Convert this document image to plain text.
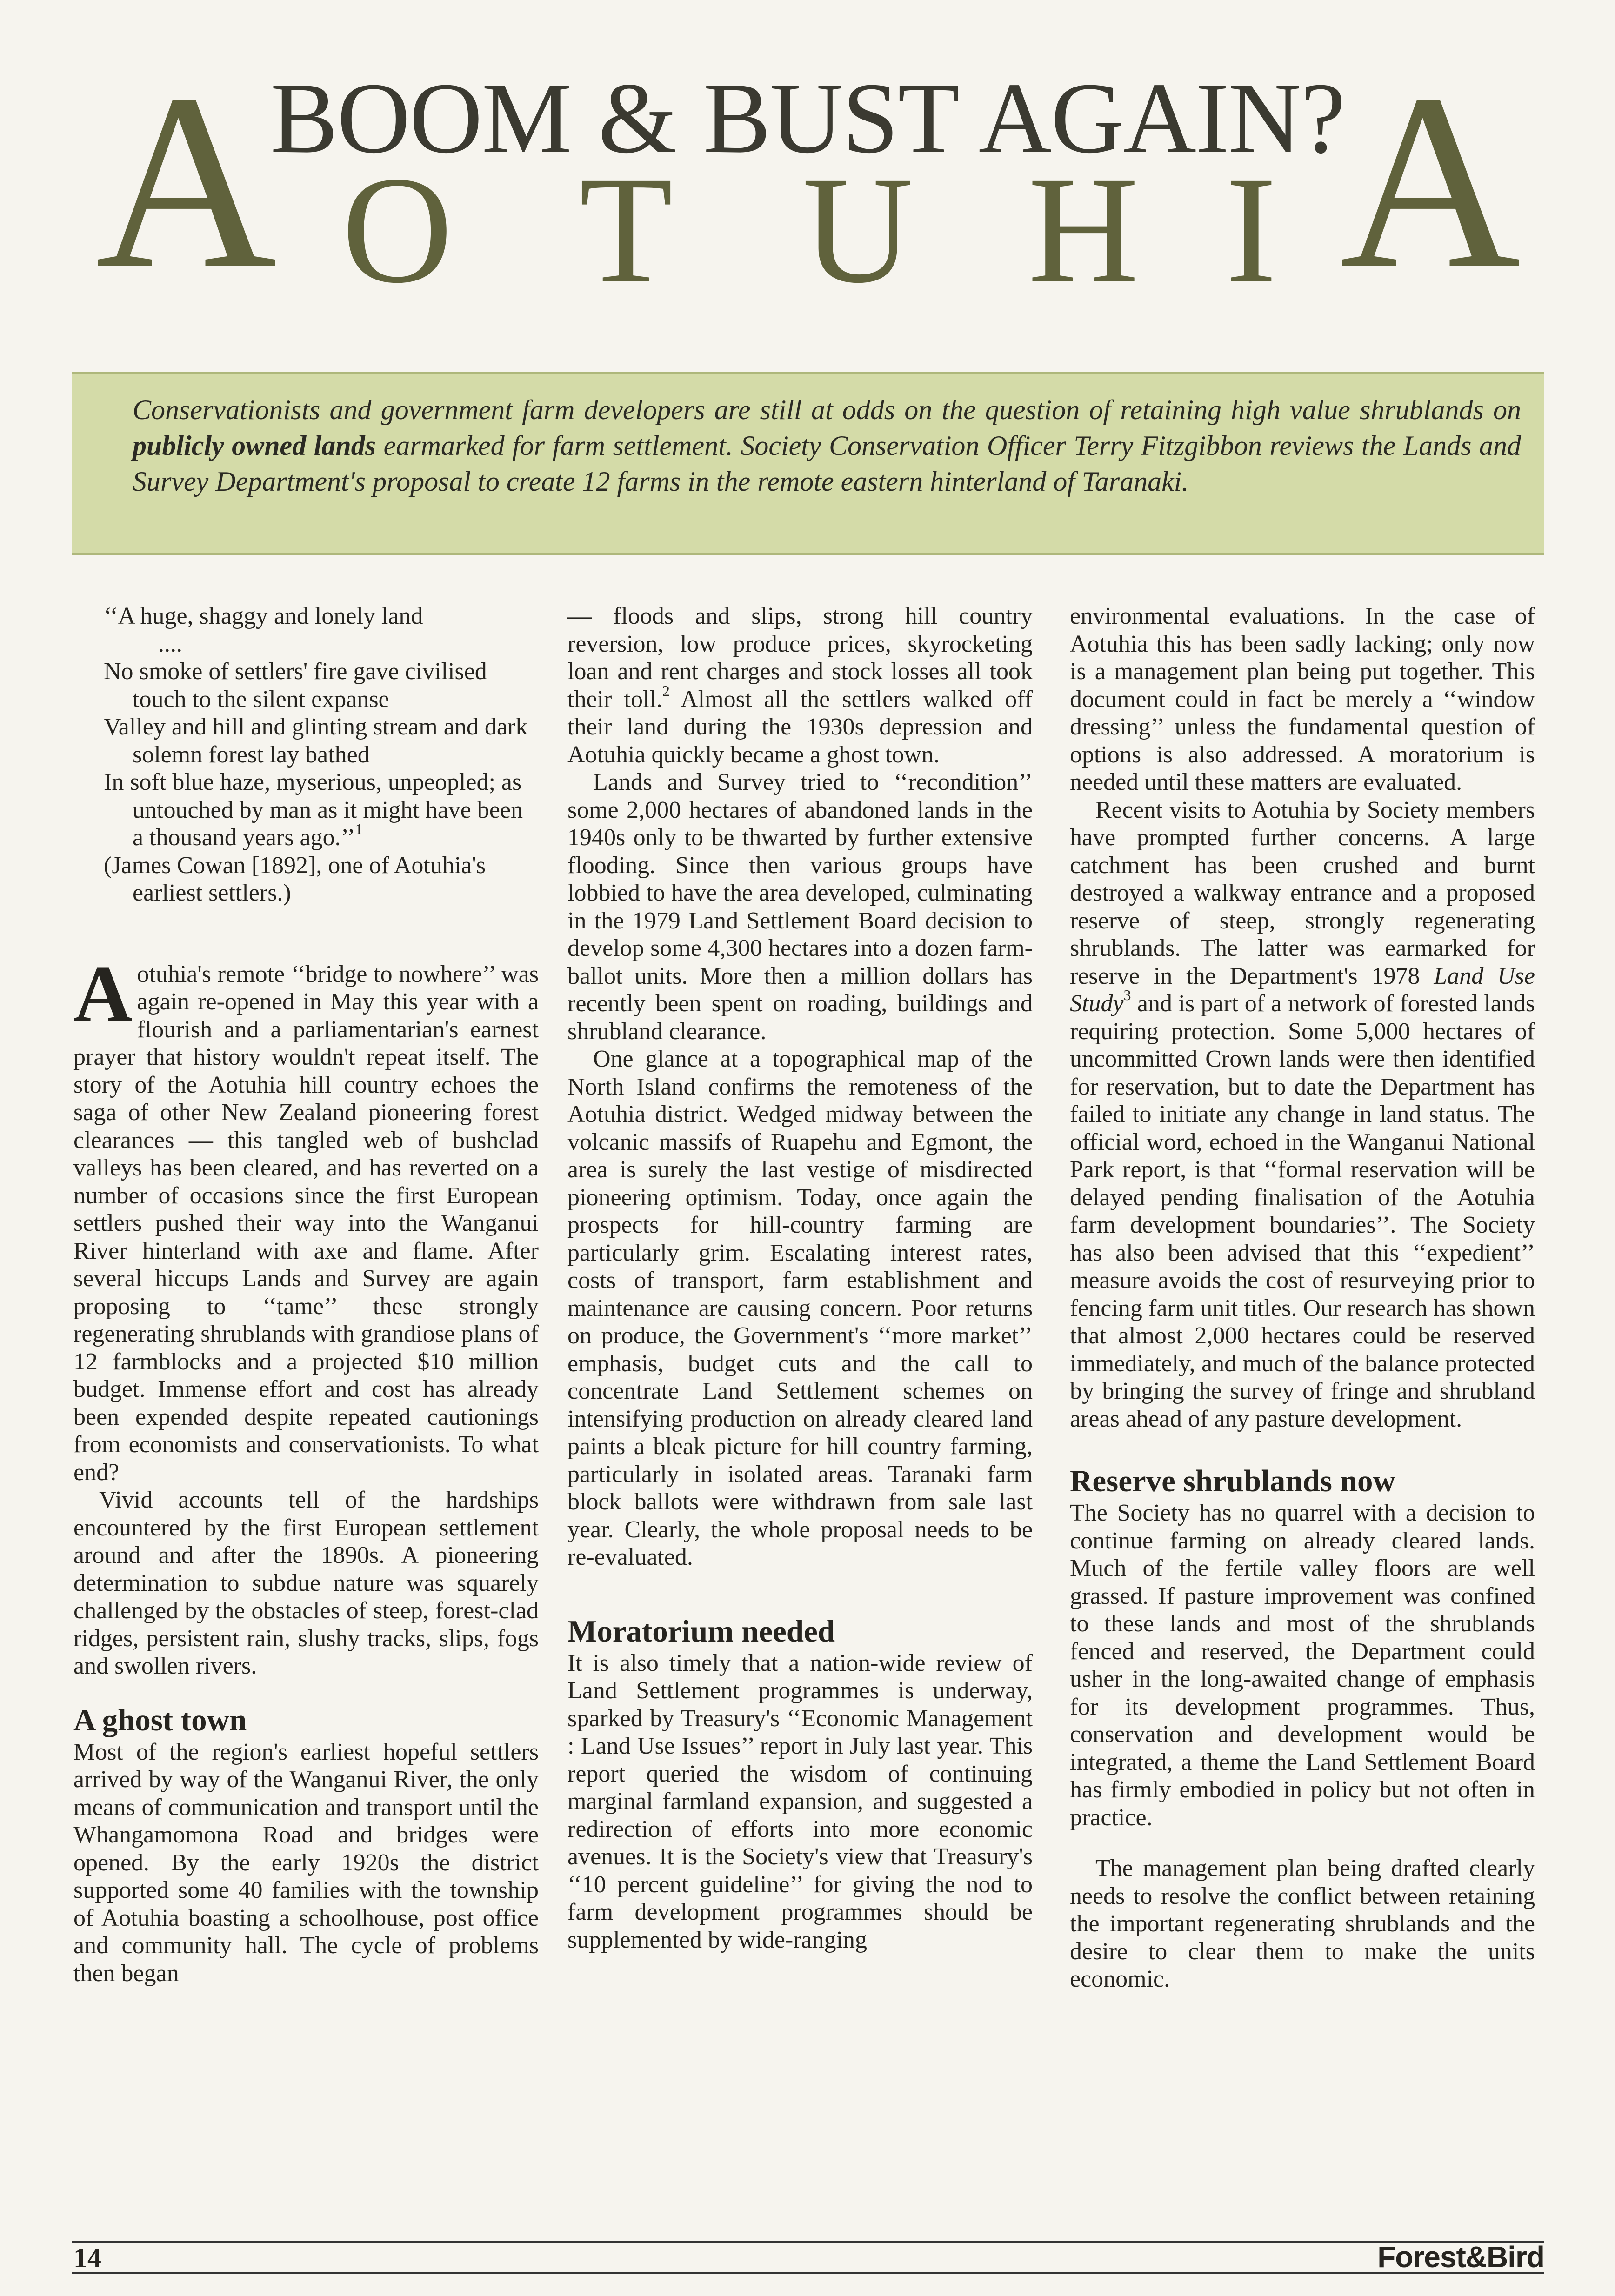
BOOM & BUST AGAIN?
A O T U H I A

Conservationists and government farm developers are still at odds on the question of retaining high value shrublands on publicly owned lands earmarked for farm settlement. Society Conservation Officer Terry Fitzgibbon reviews the Lands and Survey Department's proposal to create 12 farms in the remote eastern hinterland of Taranaki.

‘‘A huge, shaggy and lonely land

....

No smoke of settlers' fire gave civilised touch to the silent expanse

Valley and hill and glinting stream and dark solemn forest lay bathed

In soft blue haze, myserious, unpeopled; as untouched by man as it might have been a thousand years ago.’’$^1$

(James Cowan [1892], one of Aotuhia's earliest settlers.)

Aotuhia's remote ‘‘bridge to nowhere’’ was again re-opened in May this year with a flourish and a parliamentarian's earnest prayer that history wouldn't repeat itself. The story of the Aotuhia hill country echoes the saga of other New Zealand pioneering forest clearances — this tangled web of bushclad valleys has been cleared, and has reverted on a number of occasions since the first European settlers pushed their way into the Wanganui River hinterland with axe and flame. After several hiccups Lands and Survey are again proposing to ‘‘tame’’ these strongly regenerating shrublands with grandiose plans of 12 farmblocks and a projected $10 million budget. Immense effort and cost has already been expended despite repeated cautionings from economists and conservationists. To what end?

Vivid accounts tell of the hardships encountered by the first European settlement around and after the 1890s. A pioneering determination to subdue nature was squarely challenged by the obstacles of steep, forest-clad ridges, persistent rain, slushy tracks, slips, fogs and swollen rivers.

A ghost town

Most of the region's earliest hopeful settlers arrived by way of the Wanganui River, the only means of communication and transport until the Whangamomona Road and bridges were opened. By the early 1920s the district supported some 40 families with the township of Aotuhia boasting a schoolhouse, post office and community hall. The cycle of problems then began

— floods and slips, strong hill country reversion, low produce prices, skyrocketing loan and rent charges and stock losses all took their toll.$^2$ Almost all the settlers walked off their land during the 1930s depression and Aotuhia quickly became a ghost town.

Lands and Survey tried to ‘‘recondition’’ some 2,000 hectares of abandoned lands in the 1940s only to be thwarted by further extensive flooding. Since then various groups have lobbied to have the area developed, culminating in the 1979 Land Settlement Board decision to develop some 4,300 hectares into a dozen farm-ballot units. More then a million dollars has recently been spent on roading, buildings and shrubland clearance.

One glance at a topographical map of the North Island confirms the remoteness of the Aotuhia district. Wedged midway between the volcanic massifs of Ruapehu and Egmont, the area is surely the last vestige of misdirected pioneering optimism. Today, once again the prospects for hill-country farming are particularly grim. Escalating interest rates, costs of transport, farm establishment and maintenance are causing concern. Poor returns on produce, the Government's ‘‘more market’’ emphasis, budget cuts and the call to concentrate Land Settlement schemes on intensifying production on already cleared land paints a bleak picture for hill country farming, particularly in isolated areas. Taranaki farm block ballots were withdrawn from sale last year. Clearly, the whole proposal needs to be re-evaluated.

Moratorium needed

It is also timely that a nation-wide review of Land Settlement programmes is underway, sparked by Treasury's ‘‘Economic Management : Land Use Issues’’ report in July last year. This report queried the wisdom of continuing marginal farmland expansion, and suggested a redirection of efforts into more economic avenues. It is the Society's view that Treasury's ‘‘10 percent guideline’’ for giving the nod to farm development programmes should be supplemented by wide-ranging

environmental evaluations. In the case of Aotuhia this has been sadly lacking; only now is a management plan being put together. This document could in fact be merely a ‘‘window dressing’’ unless the fundamental question of options is also addressed. A moratorium is needed until these matters are evaluated.

Recent visits to Aotuhia by Society members have prompted further concerns. A large catchment has been crushed and burnt destroyed a walkway entrance and a proposed reserve of steep, strongly regenerating shrublands. The latter was earmarked for reserve in the Department's 1978 Land Use Study$^3$ and is part of a network of forested lands requiring protection. Some 5,000 hectares of uncommitted Crown lands were then identified for reservation, but to date the Department has failed to initiate any change in land status. The official word, echoed in the Wanganui National Park report, is that ‘‘formal reservation will be delayed pending finalisation of the Aotuhia farm development boundaries’’. The Society has also been advised that this ‘‘expedient’’ measure avoids the cost of resurveying prior to fencing farm unit titles. Our research has shown that almost 2,000 hectares could be reserved immediately, and much of the balance protected by bringing the survey of fringe and shrubland areas ahead of any pasture development.

Reserve shrublands now

The Society has no quarrel with a decision to continue farming on already cleared lands. Much of the fertile valley floors are well grassed. If pasture improvement was confined to these lands and most of the shrublands fenced and reserved, the Department could usher in the long-awaited change of emphasis for its development programmes. Thus, conservation and development would be integrated, a theme the Land Settlement Board has firmly embodied in policy but not often in practice.

The management plan being drafted clearly needs to resolve the conflict between retaining the important regenerating shrublands and the desire to clear them to make the units economic.

14	Forest&Bird
